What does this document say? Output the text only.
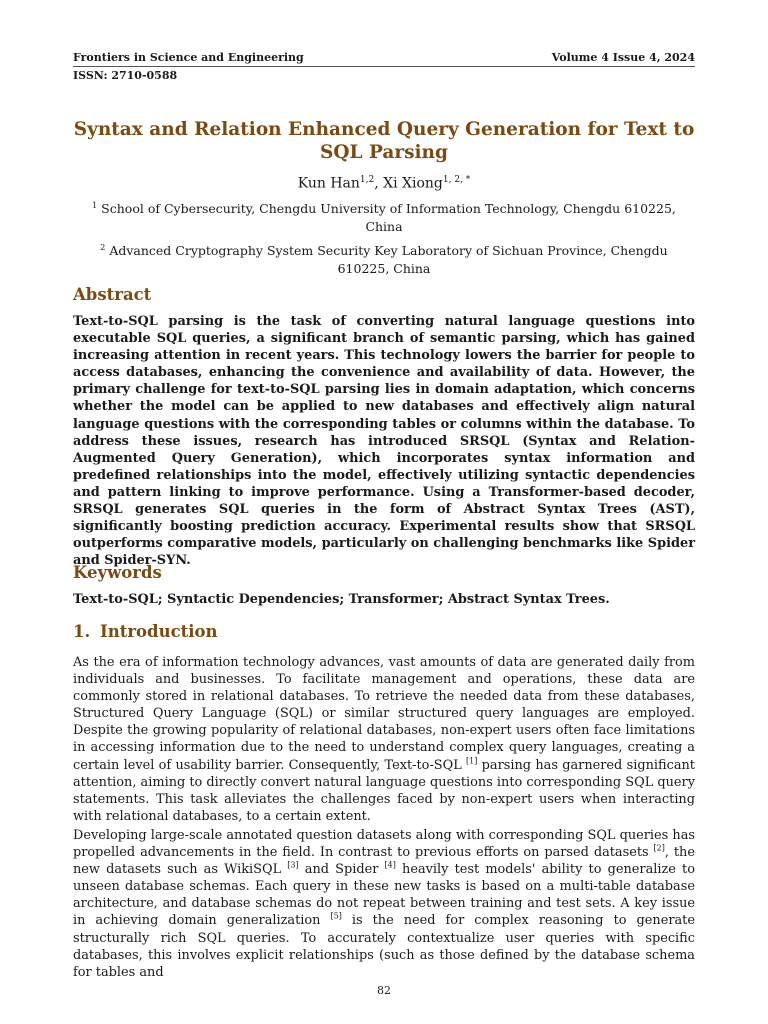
Frontiers in Science and Engineering	Volume 4 Issue 4, 2024
ISSN: 2710-0588
Syntax and Relation Enhanced Query Generation for Text to SQL Parsing
Kun Han$^{1,2}$, Xi Xiong$^{1, 2, *}$
$^1$ School of Cybersecurity, Chengdu University of Information Technology, Chengdu 610225, China
$^2$ Advanced Cryptography System Security Key Laboratory of Sichuan Province, Chengdu 610225, China
Abstract
Text-to-SQL parsing is the task of converting natural language questions into executable SQL queries, a significant branch of semantic parsing, which has gained increasing attention in recent years. This technology lowers the barrier for people to access databases, enhancing the convenience and availability of data. However, the primary challenge for text-to-SQL parsing lies in domain adaptation, which concerns whether the model can be applied to new databases and effectively align natural language questions with the corresponding tables or columns within the database. To address these issues, research has introduced SRSQL (Syntax and Relation-Augmented Query Generation), which incorporates syntax information and predefined relationships into the model, effectively utilizing syntactic dependencies and pattern linking to improve performance. Using a Transformer-based decoder, SRSQL generates SQL queries in the form of Abstract Syntax Trees (AST), significantly boosting prediction accuracy. Experimental results show that SRSQL outperforms comparative models, particularly on challenging benchmarks like Spider and Spider-SYN.
Keywords
Text-to-SQL; Syntactic Dependencies; Transformer; Abstract Syntax Trees.
1. Introduction
As the era of information technology advances, vast amounts of data are generated daily from individuals and businesses. To facilitate management and operations, these data are commonly stored in relational databases. To retrieve the needed data from these databases, Structured Query Language (SQL) or similar structured query languages are employed. Despite the growing popularity of relational databases, non-expert users often face limitations in accessing information due to the need to understand complex query languages, creating a certain level of usability barrier. Consequently, Text-to-SQL [1] parsing has garnered significant attention, aiming to directly convert natural language questions into corresponding SQL query statements. This task alleviates the challenges faced by non-expert users when interacting with relational databases, to a certain extent.
Developing large-scale annotated question datasets along with corresponding SQL queries has propelled advancements in the field. In contrast to previous efforts on parsed datasets [2], the new datasets such as WikiSQL [3] and Spider [4] heavily test models' ability to generalize to unseen database schemas. Each query in these new tasks is based on a multi-table database architecture, and database schemas do not repeat between training and test sets. A key issue in achieving domain generalization [5] is the need for complex reasoning to generate structurally rich SQL queries. To accurately contextualize user queries with specific databases, this involves explicit relationships (such as those defined by the database schema for tables and
82
